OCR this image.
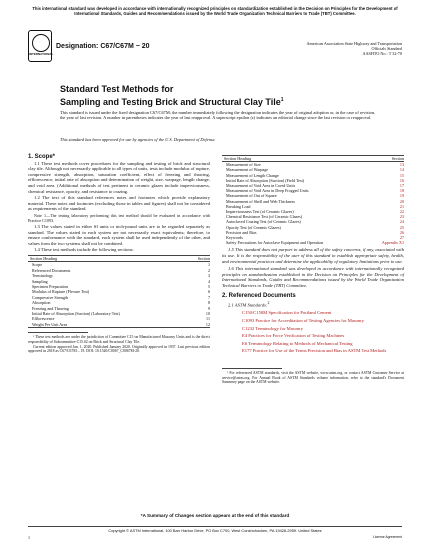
This international standard was developed in accordance with internationally recognized principles on standardization established in the Decision on Principles for the Development of International Standards, Guides and Recommendations issued by the World Trade Organization Technical Barriers to Trade (TBT) Committee.
INTERNATIONAL
Designation: C67/C67M − 20	American Association State Highway and Transportation
Officials Standard
AASHTO No.: T 32-70
Standard Test Methods for
Sampling and Testing Brick and Structural Clay Tile$^1$
This standard is issued under the fixed designation C67/C67M; the number immediately following the designation indicates the year of original adoption or, in the case of revision, the year of last revision. A number in parentheses indicates the year of last reapproval. A superscript epsilon (ε) indicates an editorial change since the last revision or reapproval.
This standard has been approved for use by agencies of the U.S. Department of Defense.
1. Scope*

1.1 These test methods cover procedures for the sampling and testing of brick and structural clay tile. Although not necessarily applicable to all types of units, tests include modulus of rupture, compressive strength, absorption, saturation coefficient, effect of freezing and thawing, efflorescence, initial rate of absorption and determination of weight, size, warpage, length change, and void area. (Additional methods of test pertinent to ceramic glazes include imperviousness, chemical resistance, opacity, and resistance to crazing.

1.2 The text of this standard references notes and footnotes which provide explanatory material. These notes and footnotes (excluding those in tables and figures) shall not be considered as requirements of the standard.

Note 1—The testing laboratory performing this test method should be evaluated in accordance with Practice C1093.

1.3 The values stated in either SI units or inch-pound units are to be regarded separately as standard. The values stated in each system are not necessarily exact equivalents; therefore, to ensure conformance with the standard, each system shall be used independently of the other, and values from the two systems shall not be combined.

1.4 These test methods include the following sections:

Section Heading	Section
Scope	1
Referenced Documents	2
Terminology	3
Sampling	4
Specimen Preparation	5
Modulus of Rupture (Flexure Test)	6
Compressive Strength	7
Absorption	8
Freezing and Thawing	9
Initial Rate of Absorption (Suction) (Laboratory Test)	10
Efflorescence	11
Weight Per Unit Area	12

¹ These test methods are under the jurisdiction of Committee C15 on Manufactured Masonry Units and is the direct responsibility of Subcommittee C15.02 on Brick and Structural Clay Tile.

Current edition approved Jan. 1, 2020. Published January 2020. Originally approved in 1937. Last previous edition approved in 2018 as C67/C67M – 19. DOI: 10.1520/C0067_C0067M-20.

Section Heading	Section
Measurement of Size	13
Measurement of Warpage	14
Measurement of Length Change	15
Initial Rate of Absorption (Suction) (Field Test)	16
Measurement of Void Area in Cored Units	17
Measurement of Void Area in Deep Frogged Units	18
Measurement of Out of Square	19
Measurement of Shell and Web Thickness	20
Breaking Load	21
Imperviousness Test (of Ceramic Glazes)	22
Chemical Resistance Test (of Ceramic Glazes)	23
Autoclaved Crazing Test (of Ceramic Glazes)	24
Opacity Test (of Ceramic Glazes)	25
Precision and Bias	26
Keywords	27
Safety Precautions for Autoclave Equipment and Operation	Appendix X1

1.5 This standard does not purport to address all of the safety concerns, if any, associated with its use. It is the responsibility of the user of this standard to establish appropriate safety, health, and environmental practices and determine the applicability of regulatory limitations prior to use.

1.6 This international standard was developed in accordance with internationally recognized principles on standardization established in the Decision on Principles for the Development of International Standards, Guides and Recommendations issued by the World Trade Organization Technical Barriers to Trade (TBT) Committee.

2. Referenced Documents

2.1 ASTM Standards:$^2$

C150/C150M Specification for Portland Cement

C1093 Practice for Accreditation of Testing Agencies for Masonry

C1232 Terminology for Masonry

E4 Practices for Force Verification of Testing Machines

E6 Terminology Relating to Methods of Mechanical Testing

E177 Practice for Use of the Terms Precision and Bias in ASTM Test Methods

² For referenced ASTM standards, visit the ASTM website, www.astm.org, or contact ASTM Customer Service at service@astm.org. For Annual Book of ASTM Standards volume information, refer to the standard's Document Summary page on the ASTM website.

*A Summary of Changes section appears at the end of this standard
Copyright © ASTM International, 100 Barr Harbor Drive, PO Box C700, West Conshohocken, PA 19428-2959. United States
1	License Agreement
